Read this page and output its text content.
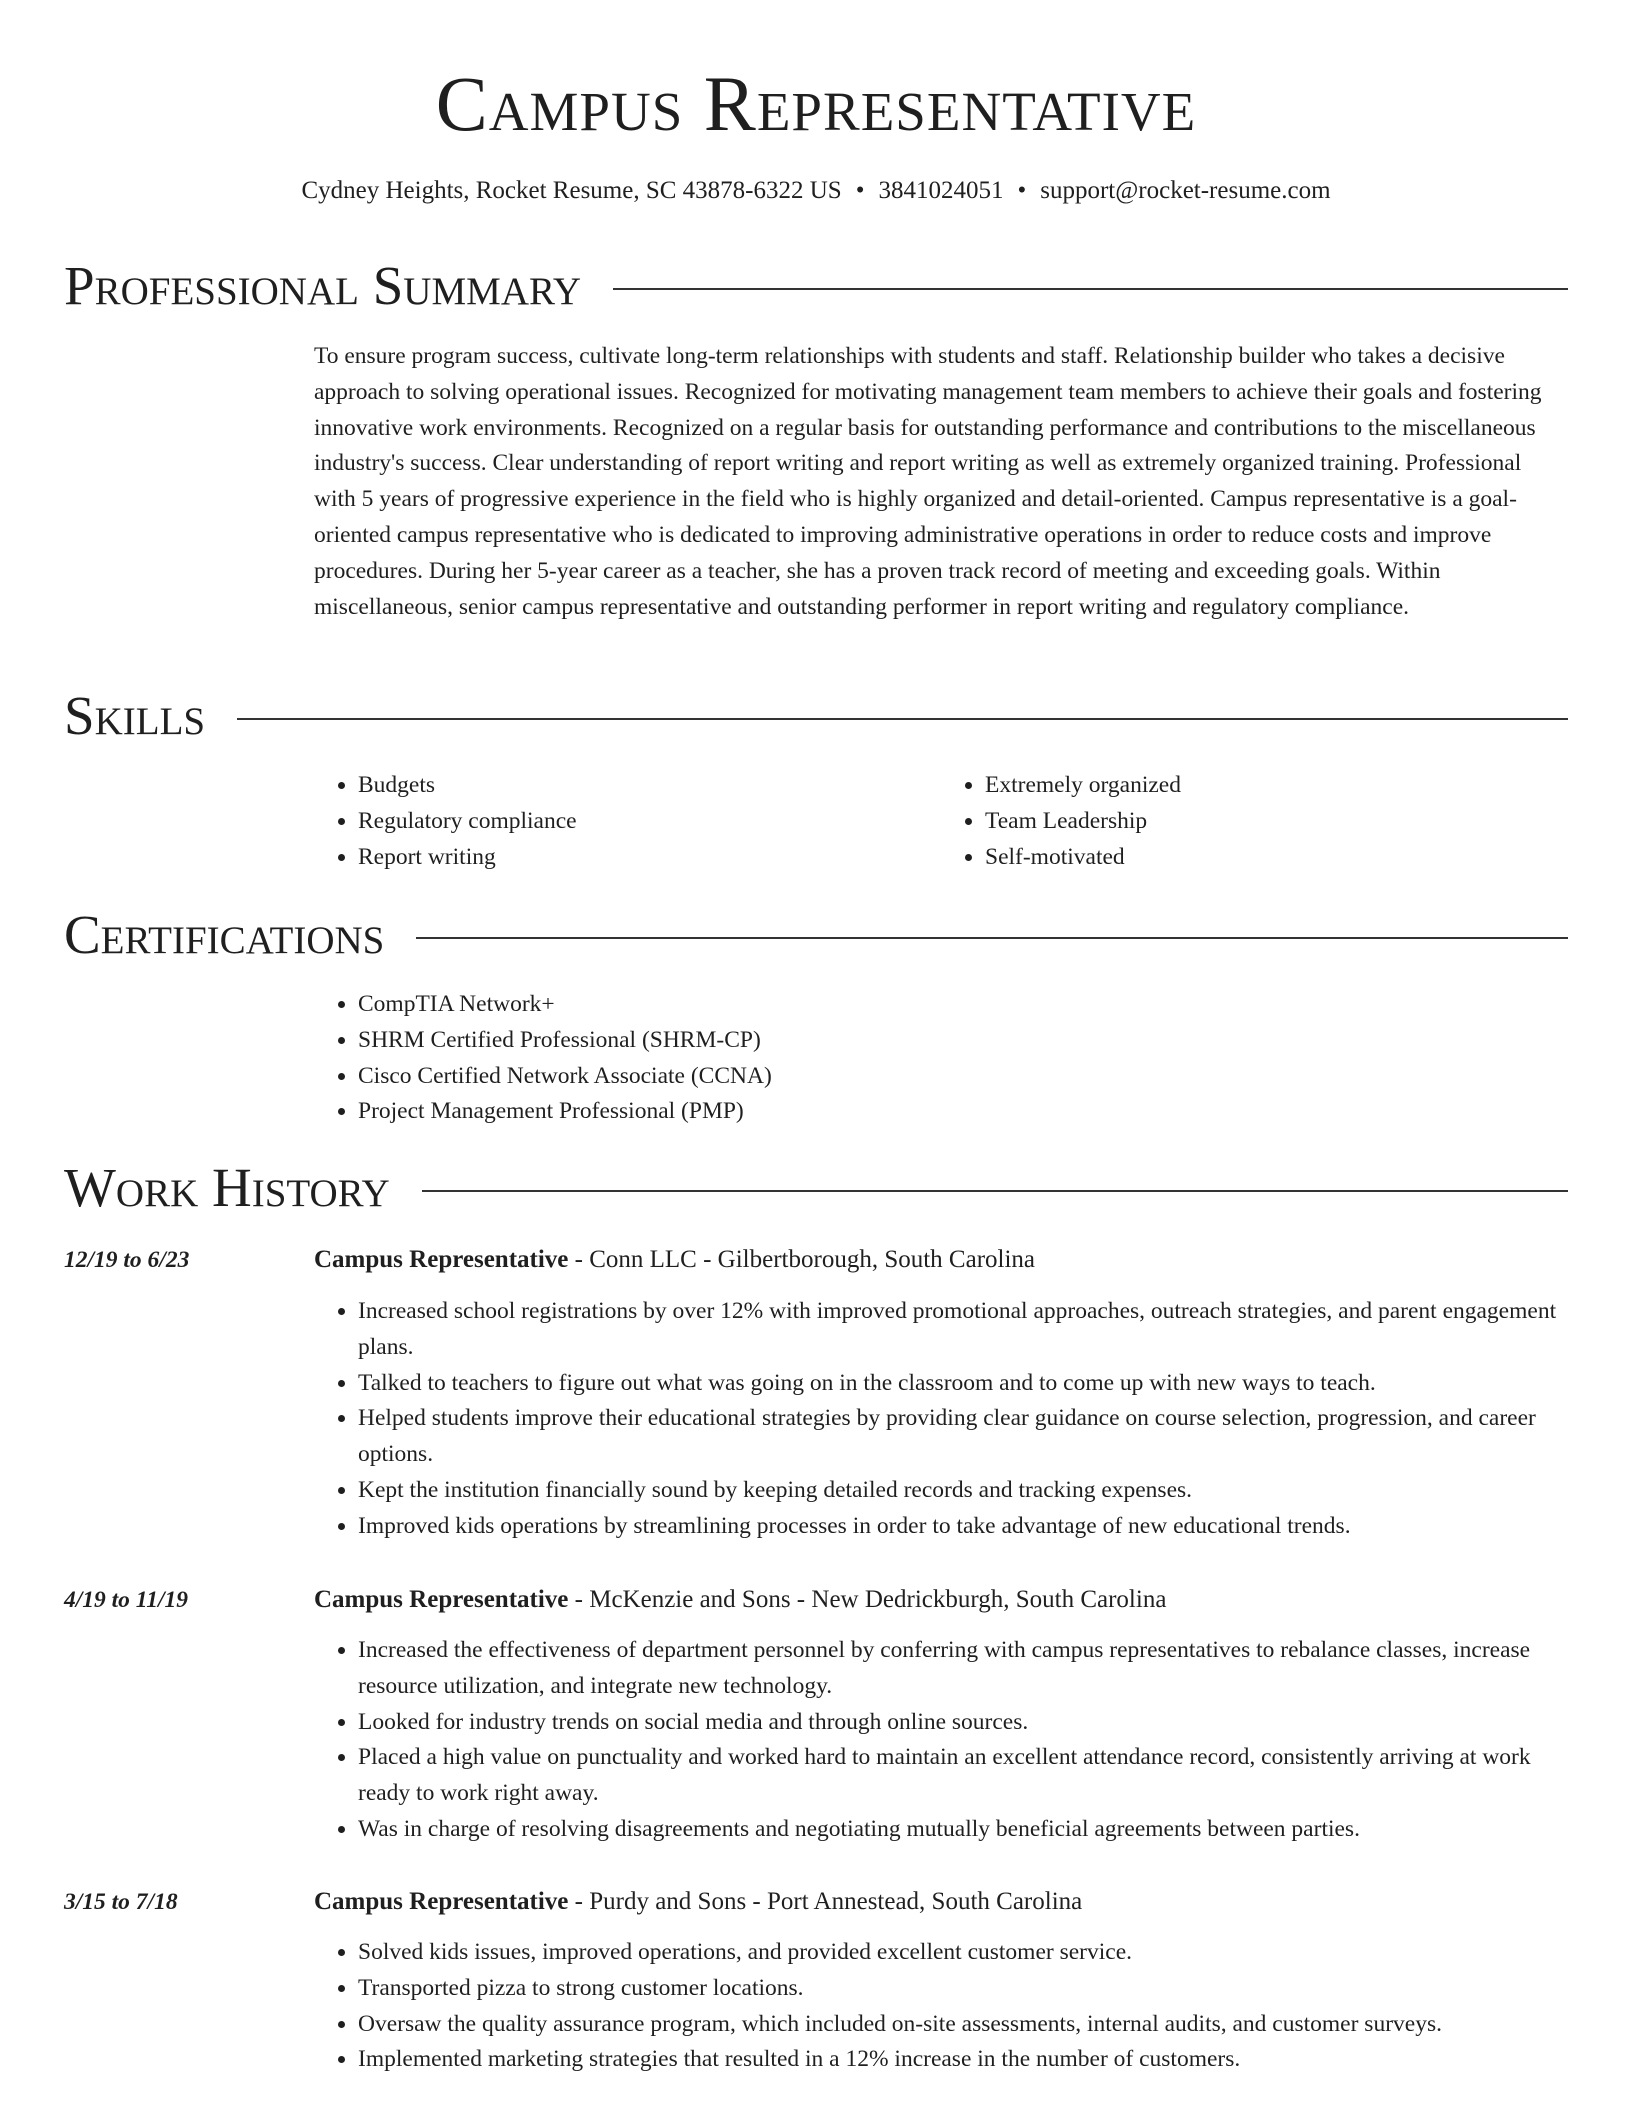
Campus Representative
Cydney Heights, Rocket Resume, SC 43878-6322 US • 3841024051 • support@rocket-resume.com
Professional Summary

To ensure program success, cultivate long-term relationships with students and staff. Relationship builder who takes a decisive approach to solving operational issues. Recognized for motivating management team members to achieve their goals and fostering innovative work environments. Recognized on a regular basis for outstanding performance and contributions to the miscellaneous industry's success. Clear understanding of report writing and report writing as well as extremely organized training. Professional with 5 years of progressive experience in the field who is highly organized and detail-oriented. Campus representative is a goal-oriented campus representative who is dedicated to improving administrative operations in order to reduce costs and improve procedures. During her 5-year career as a teacher, she has a proven track record of meeting and exceeding goals. Within miscellaneous, senior campus representative and outstanding performer in report writing and regulatory compliance.

Skills
• Budgets
• Regulatory compliance
• Report writing
• Extremely organized
• Team Leadership
• Self-motivated
Certifications
• CompTIA Network+
• SHRM Certified Professional (SHRM-CP)
• Cisco Certified Network Associate (CCNA)
• Project Management Professional (PMP)
Work History
12/19 to 6/23	Campus Representative - Conn LLC - Gilbertborough, South Carolina
• Increased school registrations by over 12% with improved promotional approaches, outreach strategies, and parent engagement plans.
• Talked to teachers to figure out what was going on in the classroom and to come up with new ways to teach.
• Helped students improve their educational strategies by providing clear guidance on course selection, progression, and career options.
• Kept the institution financially sound by keeping detailed records and tracking expenses.
• Improved kids operations by streamlining processes in order to take advantage of new educational trends.
4/19 to 11/19	Campus Representative - McKenzie and Sons - New Dedrickburgh, South Carolina
• Increased the effectiveness of department personnel by conferring with campus representatives to rebalance classes, increase resource utilization, and integrate new technology.
• Looked for industry trends on social media and through online sources.
• Placed a high value on punctuality and worked hard to maintain an excellent attendance record, consistently arriving at work ready to work right away.
• Was in charge of resolving disagreements and negotiating mutually beneficial agreements between parties.
3/15 to 7/18	Campus Representative - Purdy and Sons - Port Annestead, South Carolina
• Solved kids issues, improved operations, and provided excellent customer service.
• Transported pizza to strong customer locations.
• Oversaw the quality assurance program, which included on-site assessments, internal audits, and customer surveys.
• Implemented marketing strategies that resulted in a 12% increase in the number of customers.
